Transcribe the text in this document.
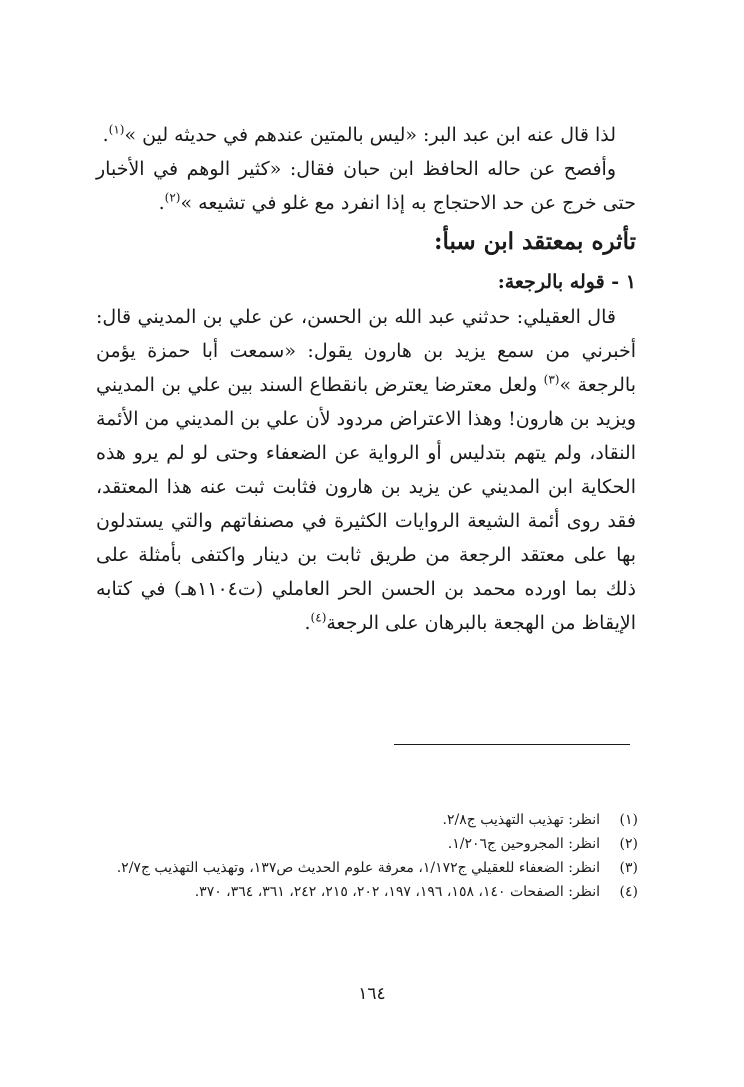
لذا قال عنه ابن عبد البر: «ليس بالمتين عندهم في حديثه لين »$^{(١)}$.

وأفصح عن حاله الحافظ ابن حبان فقال: «كثير الوهم في الأخبار حتى خرج عن حد الاحتجاج به إذا انفرد مع غلو في تشيعه »$^{(٢)}$.

تأثره بمعتقد ابن سبأ:

١ - قوله بالرجعة:

قال العقيلي: حدثني عبد الله بن الحسن، عن علي بن المديني قال: أخبرني من سمع يزيد بن هارون يقول: «سمعت أبا حمزة يؤمن بالرجعة »$^{(٣)}$ ولعل معترضا يعترض بانقطاع السند بين علي بن المديني ويزيد بن هارون! وهذا الاعتراض مردود لأن علي بن المديني من الأئمة النقاد، ولم يتهم بتدليس أو الرواية عن الضعفاء وحتى لو لم يرو هذه الحكاية ابن المديني عن يزيد بن هارون فثابت ثبت عنه هذا المعتقد، فقد روى أئمة الشيعة الروايات الكثيرة في مصنفاتهم والتي يستدلون بها على معتقد الرجعة من طريق ثابت بن دينار واكتفى بأمثلة على ذلك بما اورده محمد بن الحسن الحر العاملي (ت١١٠٤هـ) في كتابه الإيقاظ من الهجعة بالبرهان على الرجعة$^{(٤)}$.

(١)
انظر: تهذيب التهذيب ج٢/٨.

(٢)
انظر: المجروحين ج١/٢٠٦.

(٣)
انظر: الضعفاء للعقيلي ج١/١٧٢، معرفة علوم الحديث ص١٣٧، وتهذيب التهذيب ج٢/٧.

(٤)
انظر: الصفحات ١٤٠، ١٥٨، ١٩٦، ١٩٧، ٢٠٢، ٢١٥، ٢٤٢، ٣٦١، ٣٦٤، ٣٧٠.

١٦٤
